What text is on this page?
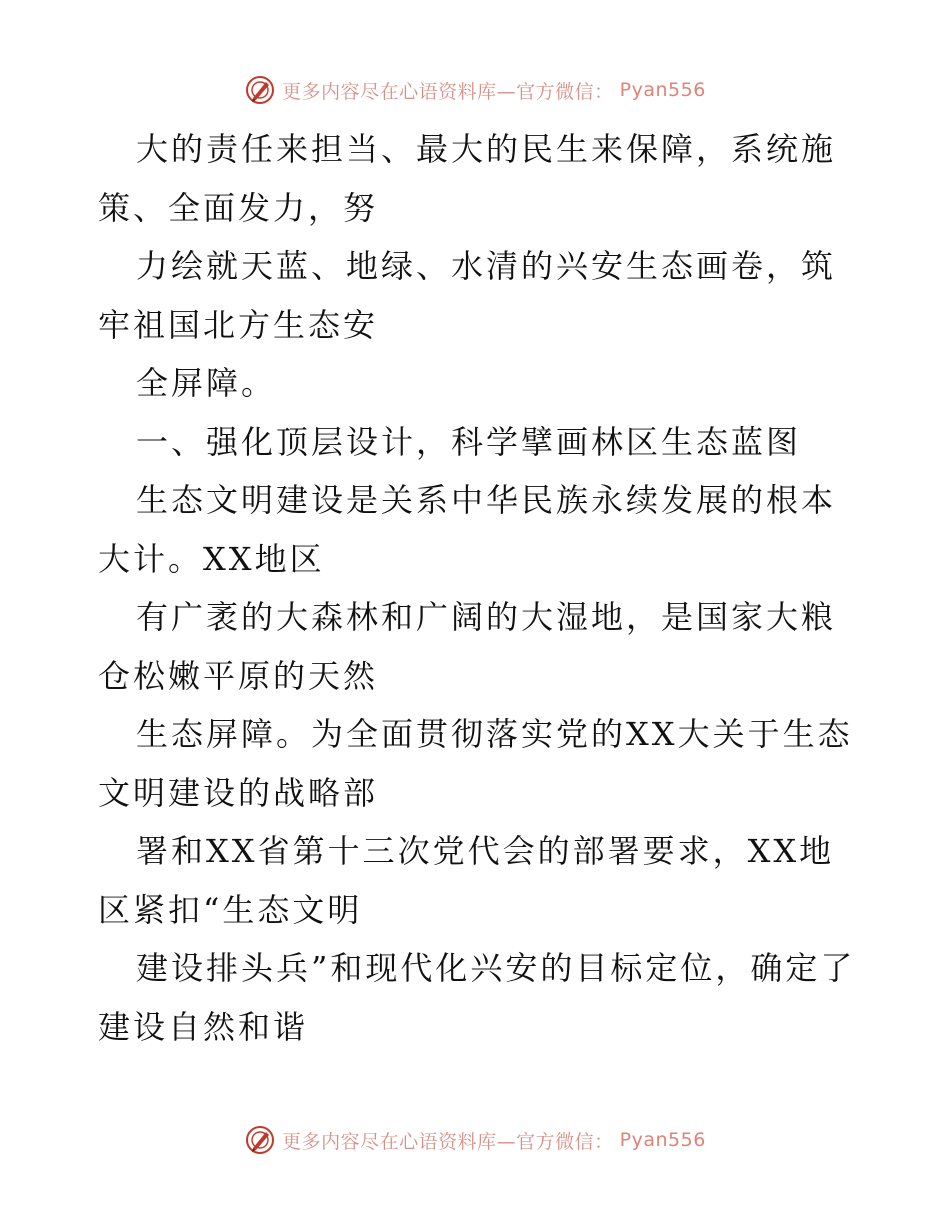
更多内容尽在心语资料库—官方微信： Pyan556

大的责任来担当、最大的民生来保障，系统施策、全面发力，努

力绘就天蓝、地绿、水清的兴安生态画卷，筑牢祖国北方生态安

全屏障。

一、强化顶层设计，科学擘画林区生态蓝图

生态文明建设是关系中华民族永续发展的根本大计。XX地区

有广袤的大森林和广阔的大湿地，是国家大粮仓松嫩平原的天然

生态屏障。为全面贯彻落实党的XX大关于生态文明建设的战略部

署和XX省第十三次党代会的部署要求，XX地区紧扣“生态文明

建设排头兵”和现代化兴安的目标定位，确定了建设自然和谐

更多内容尽在心语资料库—官方微信： Pyan556
